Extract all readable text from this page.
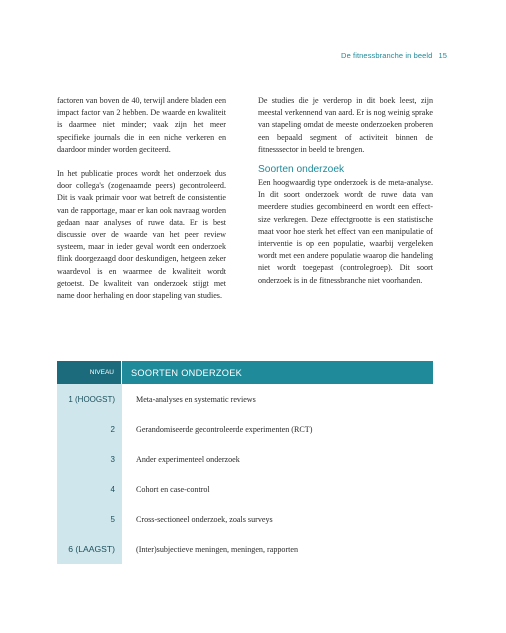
De fitnessbranche in beeld 15

factoren van boven de 40, terwijl andere bladen een impact factor van 2 hebben. De waarde en kwaliteit is daarmee niet minder; vaak zijn het meer specifieke journals die in een niche verkeren en daardoor minder worden geciteerd.

In het publicatie proces wordt het onderzoek dus door collega's (zogenaamde peers) gecontroleerd. Dit is vaak primair voor wat betreft de consistentie van de rapportage, maar er kan ook navraag worden gedaan naar analyses of ruwe data. Er is best discussie over de waarde van het peer review systeem, maar in ieder geval wordt een onderzoek flink doorgezaagd door deskundigen, hetgeen zeker waardevol is en waarmee de kwaliteit wordt getoetst. De kwaliteit van onderzoek stijgt met name door herhaling en door stapeling van studies.

De studies die je verderop in dit boek leest, zijn meestal verkennend van aard. Er is nog weinig sprake van stapeling omdat de meeste onderzoeken proberen een bepaald segment of activiteit binnen de fitnesssector in beeld te brengen.

Soorten onderzoek

Een hoogwaardig type onderzoek is de meta-analyse. In dit soort onderzoek wordt de ruwe data van meerdere studies gecombineerd en wordt een effect-size verkregen. Deze effectgrootte is een statistische maat voor hoe sterk het effect van een manipulatie of interventie is op een populatie, waarbij vergeleken wordt met een andere populatie waarop die handeling niet wordt toegepast (controlegroep). Dit soort onderzoek is in de fitnessbranche niet voorhanden.

NIVEAU	SOORTEN ONDERZOEK
1 (HOOGST)	Meta-analyses en systematic reviews
2	Gerandomiseerde gecontroleerde experimenten (RCT)
3	Ander experimenteel onderzoek
4	Cohort en case-control
5	Cross-sectioneel onderzoek, zoals surveys
6 (LAAGST)	(Inter)subjectieve meningen, meningen, rapporten
